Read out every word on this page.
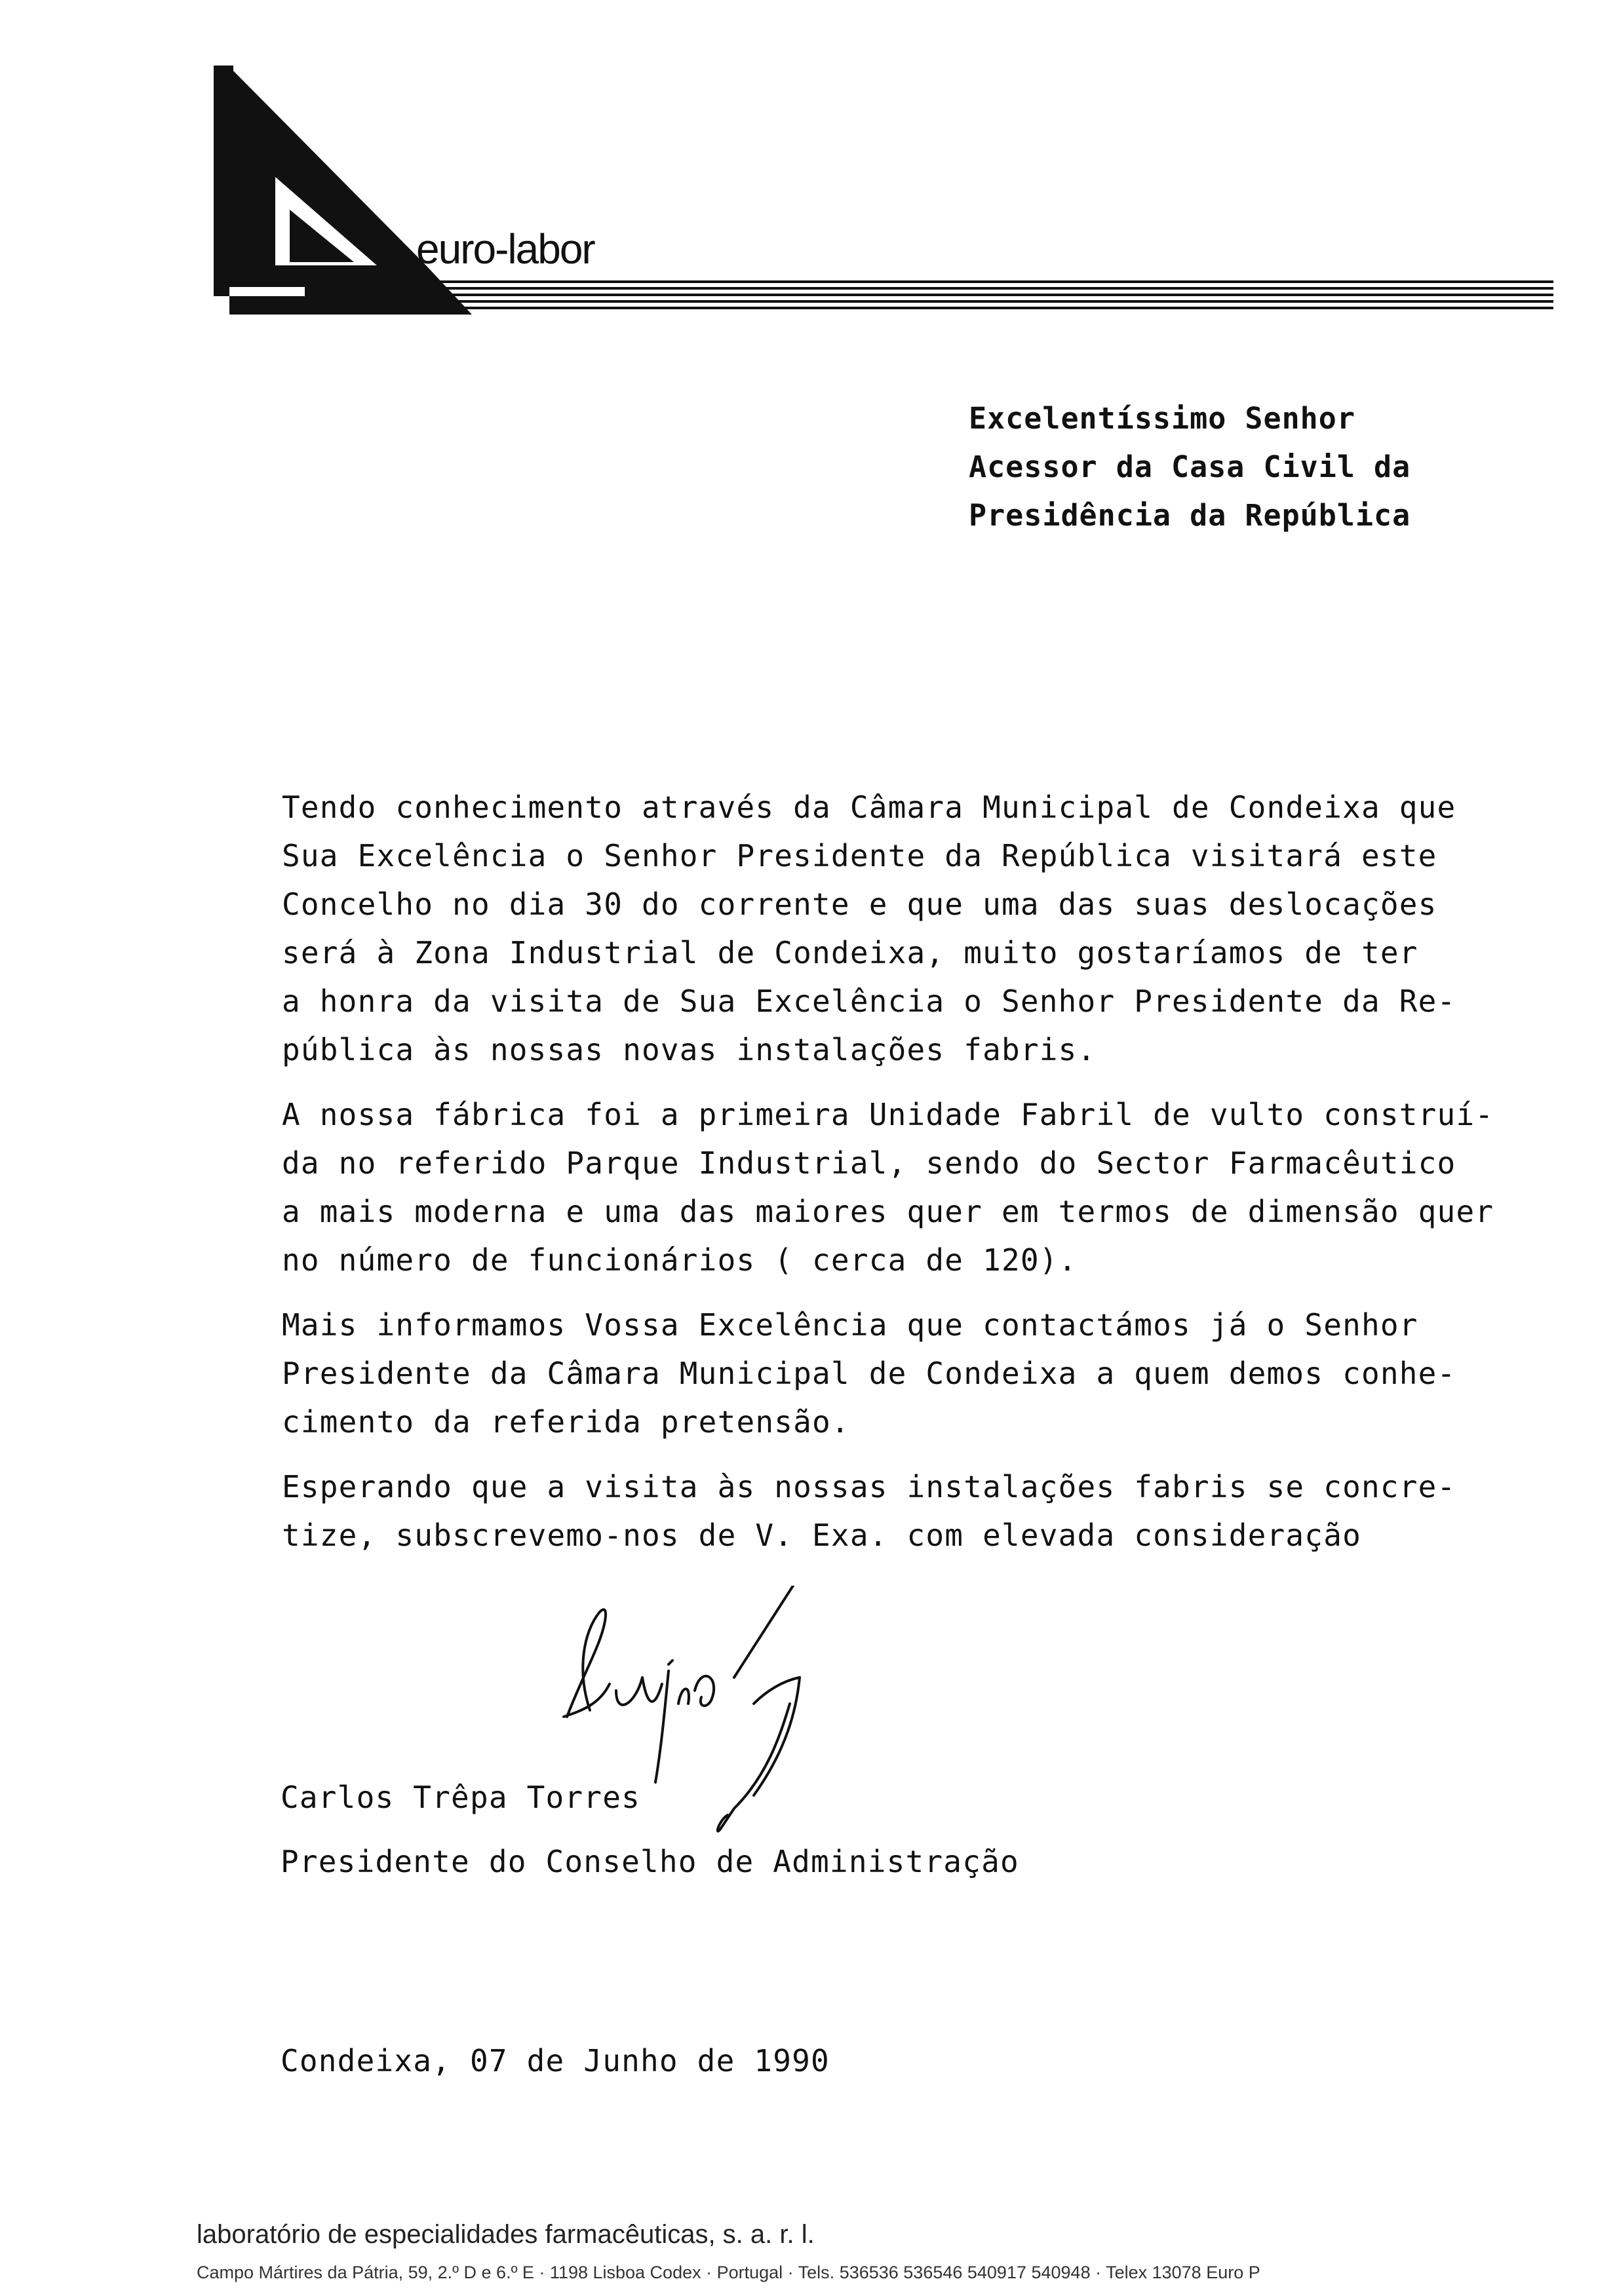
euro-labor
Excelentíssimo Senhor
Acessor da Casa Civil da
Presidência da República
Tendo conhecimento através da Câmara Municipal de Condeixa que
Sua Excelência o Senhor Presidente da República visitará este
Concelho no dia 30 do corrente e que uma das suas deslocações
será à Zona Industrial de Condeixa, muito gostaríamos de ter
a honra da visita de Sua Excelência o Senhor Presidente da Re-
pública às nossas novas instalações fabris.
A nossa fábrica foi a primeira Unidade Fabril de vulto construí-
da no referido Parque Industrial, sendo do Sector Farmacêutico
a mais moderna e uma das maiores quer em termos de dimensão quer
no número de funcionários ( cerca de 120).
Mais informamos Vossa Excelência que contactámos já o Senhor
Presidente da Câmara Municipal de Condeixa a quem demos conhe-
cimento da referida pretensão.
Esperando que a visita às nossas instalações fabris se concre-
tize, subscrevemo-nos de V. Exa. com elevada consideração
Carlos Trêpa Torres
Presidente do Conselho de Administração
Condeixa, 07 de Junho de 1990
laboratório de especialidades farmacêuticas, s. a. r. l.
Campo Mártires da Pátria, 59, 2.º D e 6.º E · 1198 Lisboa Codex · Portugal · Tels. 536536 536546 540917 540948 · Telex 13078 Euro P
